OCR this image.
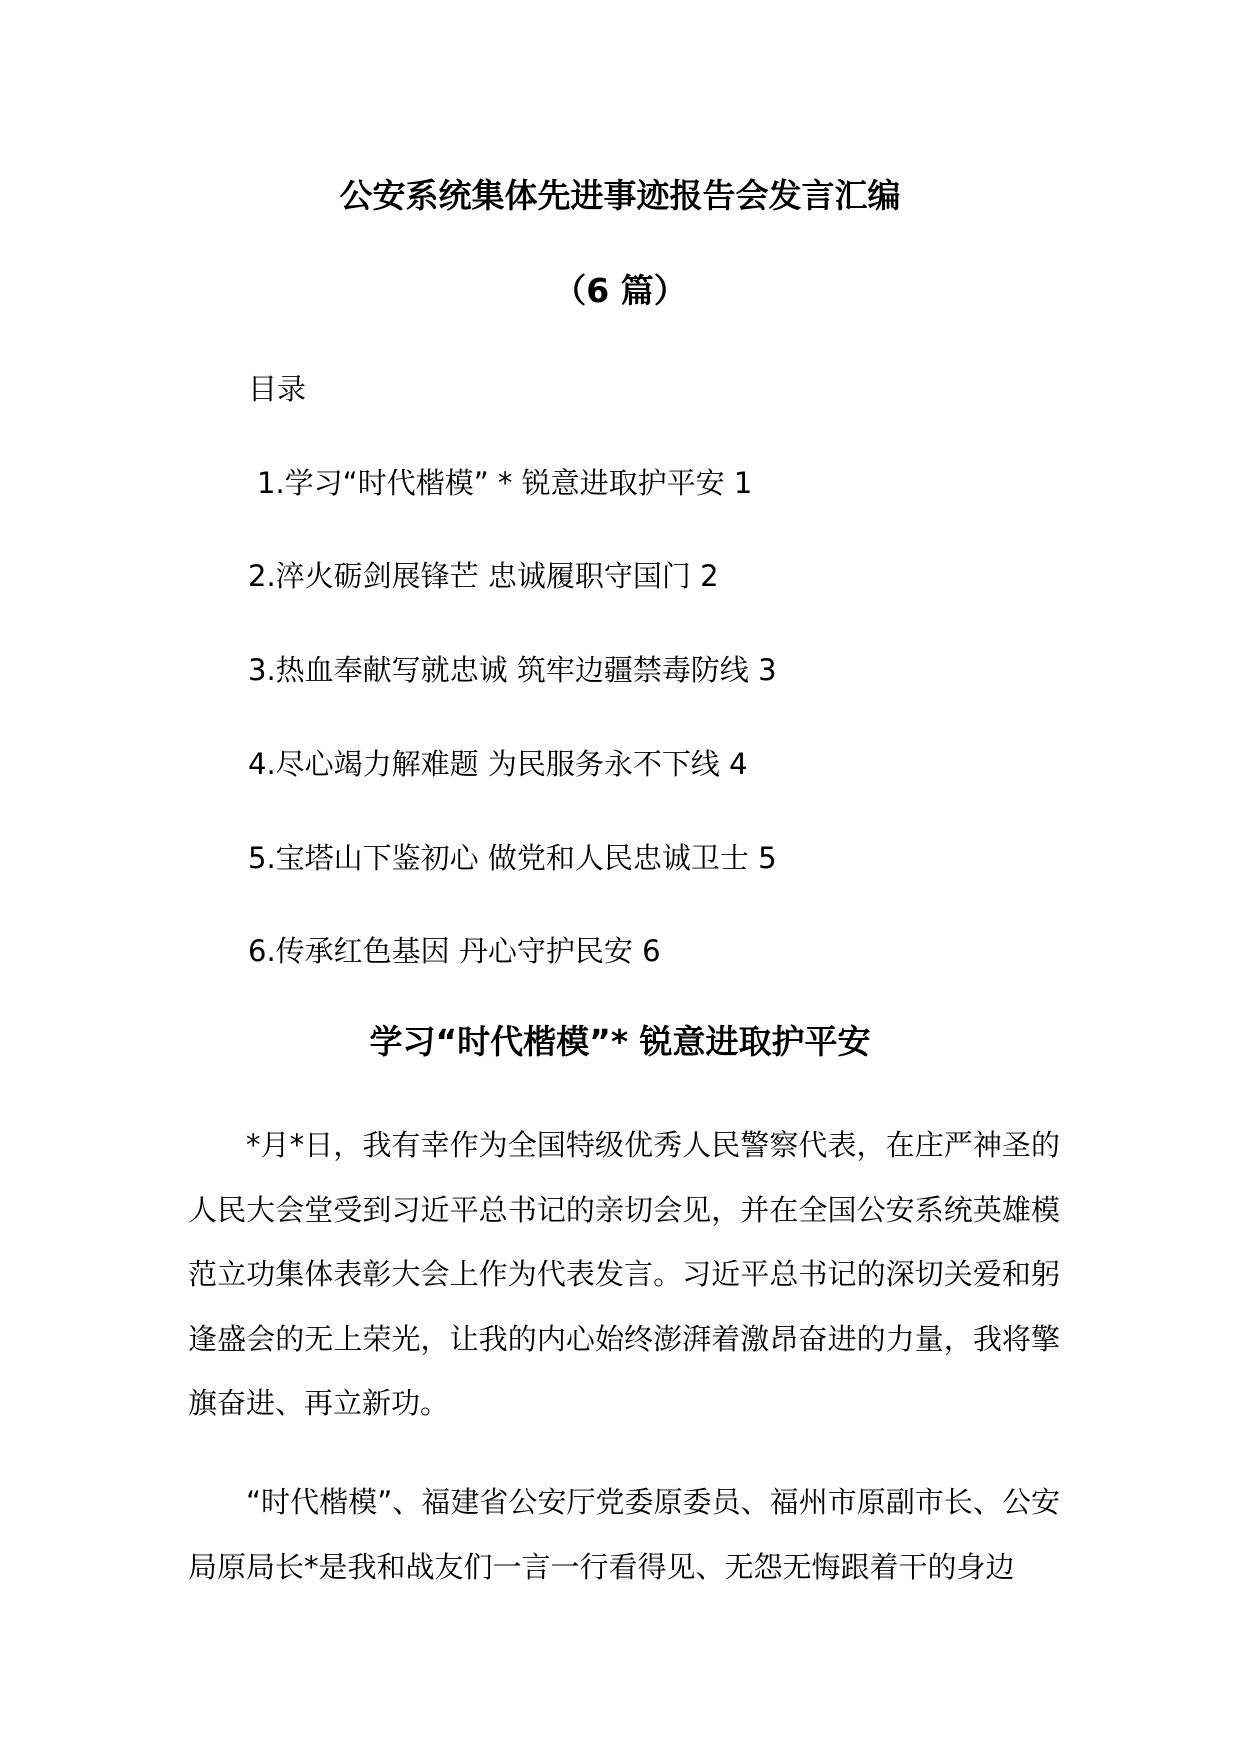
公安系统集体先进事迹报告会发言汇编
（6 篇）
目录
1.学习“时代楷模” * 锐意进取护平安 1
2.淬火砺剑展锋芒 忠诚履职守国门 2
3.热血奉献写就忠诚 筑牢边疆禁毒防线 3
4.尽心竭力解难题 为民服务永不下线 4
5.宝塔山下鉴初心 做党和人民忠诚卫士 5
6.传承红色基因 丹心守护民安 6
学习“时代楷模”* 锐意进取护平安

*月*日，我有幸作为全国特级优秀人民警察代表，在庄严神圣的人民大会堂受到习近平总书记的亲切会见，并在全国公安系统英雄模范立功集体表彰大会上作为代表发言。习近平总书记的深切关爱和躬逢盛会的无上荣光，让我的内心始终澎湃着激昂奋进的力量，我将擎旗奋进、再立新功。

“时代楷模”、福建省公安厅党委原委员、福州市原副市长、公安局原局长*是我和战友们一言一行看得见、无怨无悔跟着干的身边
